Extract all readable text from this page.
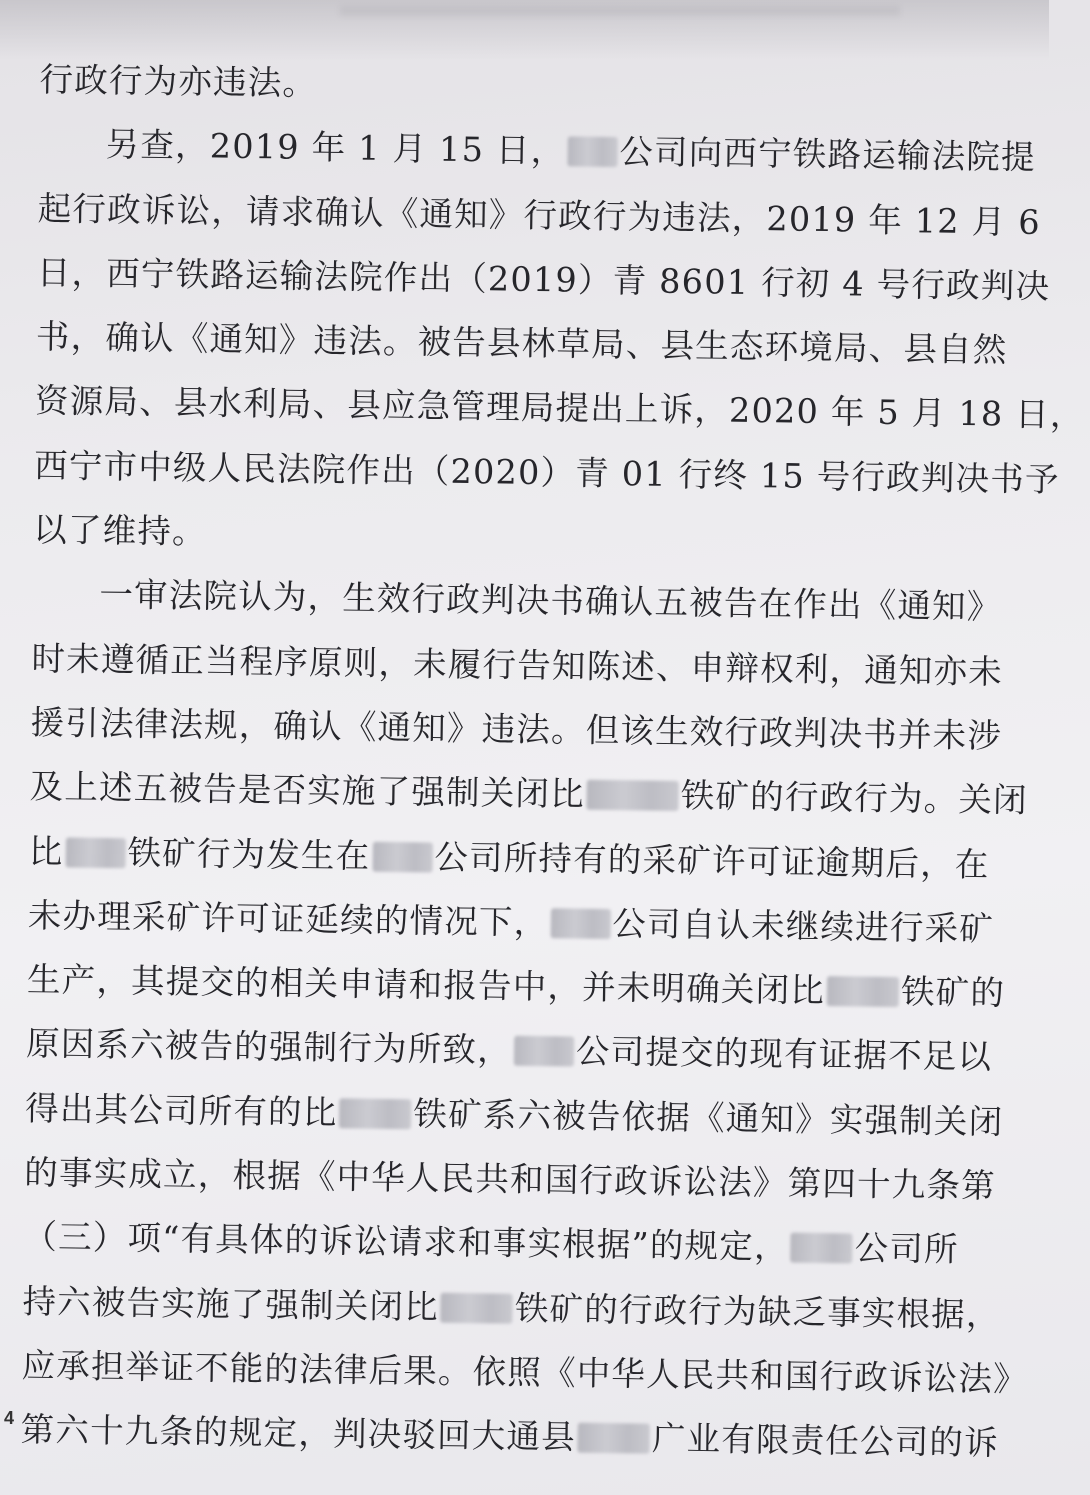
行政行为亦违法。
另查，2019 年 1 月 15 日， 公司向西宁铁路运输法院提
起行政诉讼，请求确认《通知》行政行为违法，2019 年 12 月 6
日，西宁铁路运输法院作出（2019）青 8601 行初 4 号行政判决
书，确认《通知》违法。被告县林草局、县生态环境局、县自然
资源局、县水利局、县应急管理局提出上诉，2020 年 5 月 18 日，
西宁市中级人民法院作出（2020）青 01 行终 15 号行政判决书予
以了维持。
一审法院认为，生效行政判决书确认五被告在作出《通知》
时未遵循正当程序原则，未履行告知陈述、申辩权利，通知亦未
援引法律法规，确认《通知》违法。但该生效行政判决书并未涉
及上述五被告是否实施了强制关闭比	铁矿的行政行为。关闭
比 铁矿行为发生在 公司所持有的采矿许可证逾期后，在
未办理采矿许可证延续的情况下， 公司自认未继续进行采矿
生产，其提交的相关申请和报告中，并未明确关闭比 铁矿的
原因系六被告的强制行为所致， 公司提交的现有证据不足以
得出其公司所有的比 铁矿系六被告依据《通知》实强制关闭
的事实成立，根据《中华人民共和国行政诉讼法》第四十九条第
（三）项“有具体的诉讼请求和事实根据”的规定， 公司所
持六被告实施了强制关闭比 铁矿的行政行为缺乏事实根据，
应承担举证不能的法律后果。依照《中华人民共和国行政诉讼法》
第六十九条的规定，判决驳回大通县 广业有限责任公司的诉
4
